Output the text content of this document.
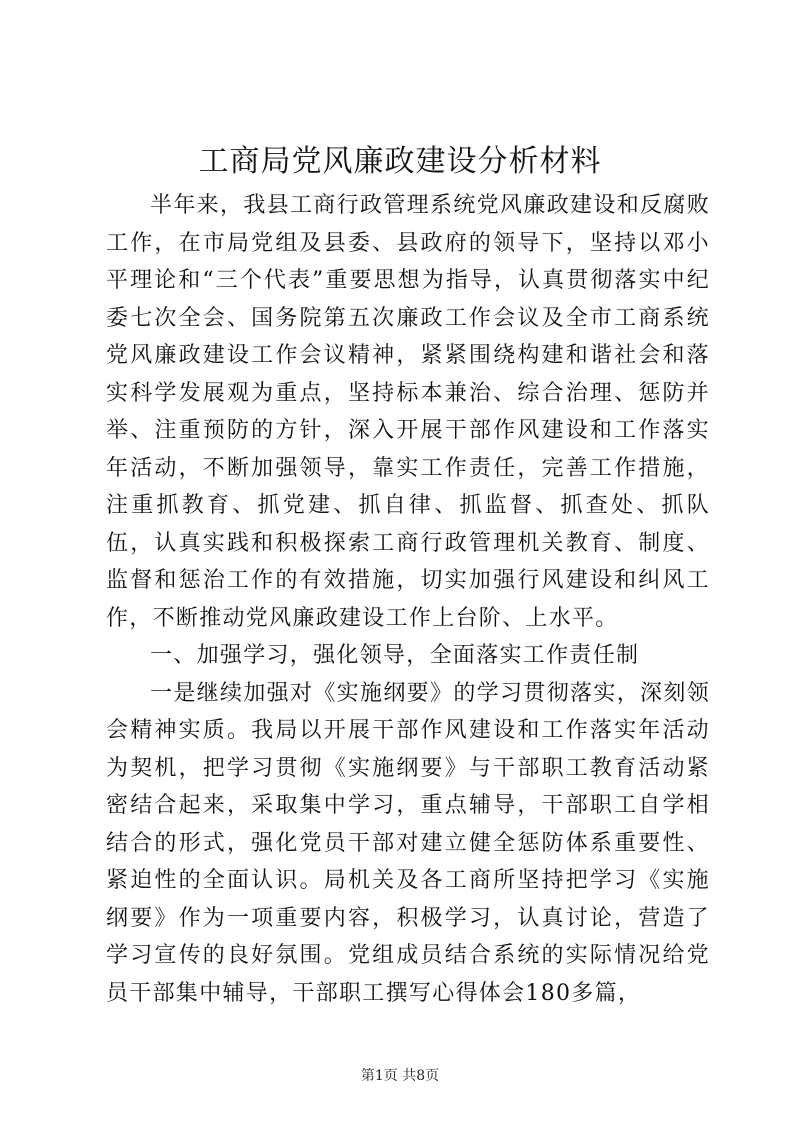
工商局党风廉政建设分析材料

半年来，我县工商行政管理系统党风廉政建设和反腐败工作，在市局党组及县委、县政府的领导下，坚持以邓小平理论和“三个代表”重要思想为指导，认真贯彻落实中纪委七次全会、国务院第五次廉政工作会议及全市工商系统党风廉政建设工作会议精神，紧紧围绕构建和谐社会和落实科学发展观为重点，坚持标本兼治、综合治理、惩防并举、注重预防的方针，深入开展干部作风建设和工作落实年活动，不断加强领导，靠实工作责任，完善工作措施，注重抓教育、抓党建、抓自律、抓监督、抓查处、抓队伍，认真实践和积极探索工商行政管理机关教育、制度、监督和惩治工作的有效措施，切实加强行风建设和纠风工作，不断推动党风廉政建设工作上台阶、上水平。

一、加强学习，强化领导，全面落实工作责任制

一是继续加强对《实施纲要》的学习贯彻落实，深刻领会精神实质。我局以开展干部作风建设和工作落实年活动为契机，把学习贯彻《实施纲要》与干部职工教育活动紧密结合起来，采取集中学习，重点辅导，干部职工自学相结合的形式，强化党员干部对建立健全惩防体系重要性、紧迫性的全面认识。局机关及各工商所坚持把学习《实施纲要》作为一项重要内容，积极学习，认真讨论，营造了学习宣传的良好氛围。党组成员结合系统的实际情况给党员干部集中辅导，干部职工撰写心得体会180多篇，

第1页 共8页
